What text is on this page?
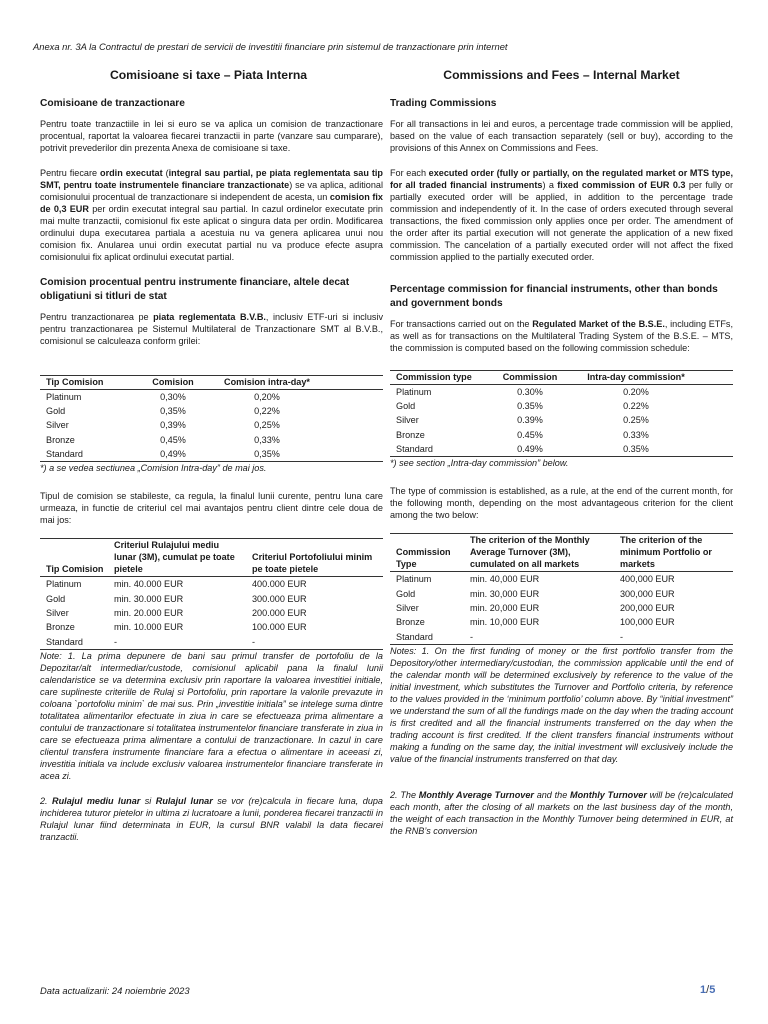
Anexa nr. 3A la Contractul de prestari de servicii de investitii financiare prin sistemul de tranzactionare prin internet
Comisioane si taxe – Piata Interna
Comisioane de tranzactionare

Pentru toate tranzactiile in lei si euro se va aplica un comision de tranzactionare procentual, raportat la valoarea fiecarei tranzactii in parte (vanzare sau cumparare), potrivit prevederilor din prezenta Anexa de comisioane si taxe.

Pentru fiecare ordin executat (integral sau partial, pe piata reglementata sau tip SMT, pentru toate instrumentele financiare tranzactionate) se va aplica, aditional comisionului procentual de tranzactionare si independent de acesta, un comision fix de 0,3 EUR per ordin executat integral sau partial. In cazul ordinelor executate prin mai multe tranzactii, comisionul fix este aplicat o singura data per ordin. Modificarea ordinului dupa executarea partiala a acestuia nu va genera aplicarea unui nou comision fix. Anularea unui ordin executat partial nu va produce efecte asupra comisionului fix aplicat ordinului executat partial.

Comision procentual pentru instrumente financiare, altele decat obligatiuni si titluri de stat

Pentru tranzactionarea pe piata reglementata B.V.B., inclusiv ETF-uri si inclusiv pentru tranzactionarea pe Sistemul Multilateral de Tranzactionare SMT al B.V.B., comisionul se calculeaza conform grilei:

Tip Comision	Comision	Comision intra-day*	
Platinum	0,30%	0,20%	
Gold	0,35%	0,22%	
Silver	0,39%	0,25%	
Bronze	0,45%	0,33%	
Standard	0,49%	0,35%	
*) a se vedea sectiunea „Comision Intra-day” de mai jos.

Tipul de comision se stabileste, ca regula, la finalul lunii curente, pentru luna care urmeaza, in functie de criteriul cel mai avantajos pentru client dintre cele doua de mai jos:

Tip Comision	Criteriul Rulajului mediu lunar (3M), cumulat pe toate pietele	Criteriul Portofoliului minim pe toate pietele
Platinum	min. 40.000 EUR	400.000 EUR
Gold	min. 30.000 EUR	300.000 EUR
Silver	min. 20.000 EUR	200.000 EUR
Bronze	min. 10.000 EUR	100.000 EUR
Standard	-	-
Note: 1. La prima depunere de bani sau primul transfer de portofoliu de la Depozitar/alt intermediar/custode, comisionul aplicabil pana la finalul lunii calendaristice se va determina exclusiv prin raportare la valoarea investitiei initiale, care suplineste criteriile de Rulaj si Portofoliu, prin raportare la valorile prevazute in coloana `portofoliu minim` de mai sus. Prin „investitie initiala” se intelege suma dintre totalitatea alimentarilor efectuate in ziua in care se efectueaza prima alimentare a contului de tranzactionare si totalitatea instrumentelor financiare transferate in ziua in care se efectueaza prima alimentare a contului de tranzactionare. In cazul in care clientul transfera instrumente financiare fara a efectua o alimentare in aceeasi zi, investitia initiala va include exclusiv valoarea instrumentelor financiare transferate in acea zi.
2. Rulajul mediu lunar si Rulajul lunar se vor (re)calcula in fiecare luna, dupa inchiderea tuturor pietelor in ultima zi lucratoare a lunii, ponderea fiecarei tranzactii in Rulajul lunar fiind determinata in EUR, la cursul BNR valabil la data fiecarei tranzactii.
Commissions and Fees – Internal Market
Trading Commissions

For all transactions in lei and euros, a percentage trade commission will be applied, based on the value of each transaction separately (sell or buy), according to the provisions of this Annex on Commissions and Fees.

For each executed order (fully or partially, on the regulated market or MTS type, for all traded financial instruments) a fixed commission of EUR 0.3 per fully or partially executed order will be applied, in addition to the percentage trade commission and independently of it. In the case of orders executed through several transactions, the fixed commission only applies once per order. The amendment of the order after its partial execution will not generate the application of a new fixed commission. The cancelation of a partially executed order will not affect the fixed commission applied to the partially executed order.

Percentage commission for financial instruments, other than bonds and government bonds

For transactions carried out on the Regulated Market of the B.S.E., including ETFs, as well as for transactions on the Multilateral Trading System of the B.S.E. – MTS, the commission is computed based on the following commission schedule:

Commission type	Commission	Intra-day commission*	
Platinum	0.30%	0.20%	
Gold	0.35%	0.22%	
Silver	0.39%	0.25%	
Bronze	0.45%	0.33%	
Standard	0.49%	0.35%	
*) see section „Intra-day commission” below.

The type of commission is established, as a rule, at the end of the current month, for the following month, depending on the most advantageous criterion for the client among the two below:

Commission Type	The criterion of the Monthly Average Turnover (3M), cumulated on all markets	The criterion of the minimum Portfolio or markets
Platinum	min. 40,000 EUR	400,000 EUR
Gold	min. 30,000 EUR	300,000 EUR
Silver	min. 20,000 EUR	200,000 EUR
Bronze	min. 10,000 EUR	100,000 EUR
Standard	-	-
Notes: 1. On the first funding of money or the first portfolio transfer from the Depository/other intermediary/custodian, the commission applicable until the end of the calendar month will be determined exclusively by reference to the value of the initial investment, which substitutes the Turnover and Portfolio criteria, by reference to the values provided in the ‘minimum portfolio’ column above. By “initial investment” we understand the sum of all the fundings made on the day when the trading account is first credited and all the financial instruments transferred on the day when the trading account is first credited. If the client transfers financial instruments without making a funding on the same day, the initial investment will exclusively include the value of the financial instruments transferred on that day.
2. The Monthly Average Turnover and the Monthly Turnover will be (re)calculated each month, after the closing of all markets on the last business day of the month, the weight of each transaction in the Monthly Turnover being determined in EUR, at the RNB’s conversion
Data actualizarii: 24 noiembrie 2023	1/5
